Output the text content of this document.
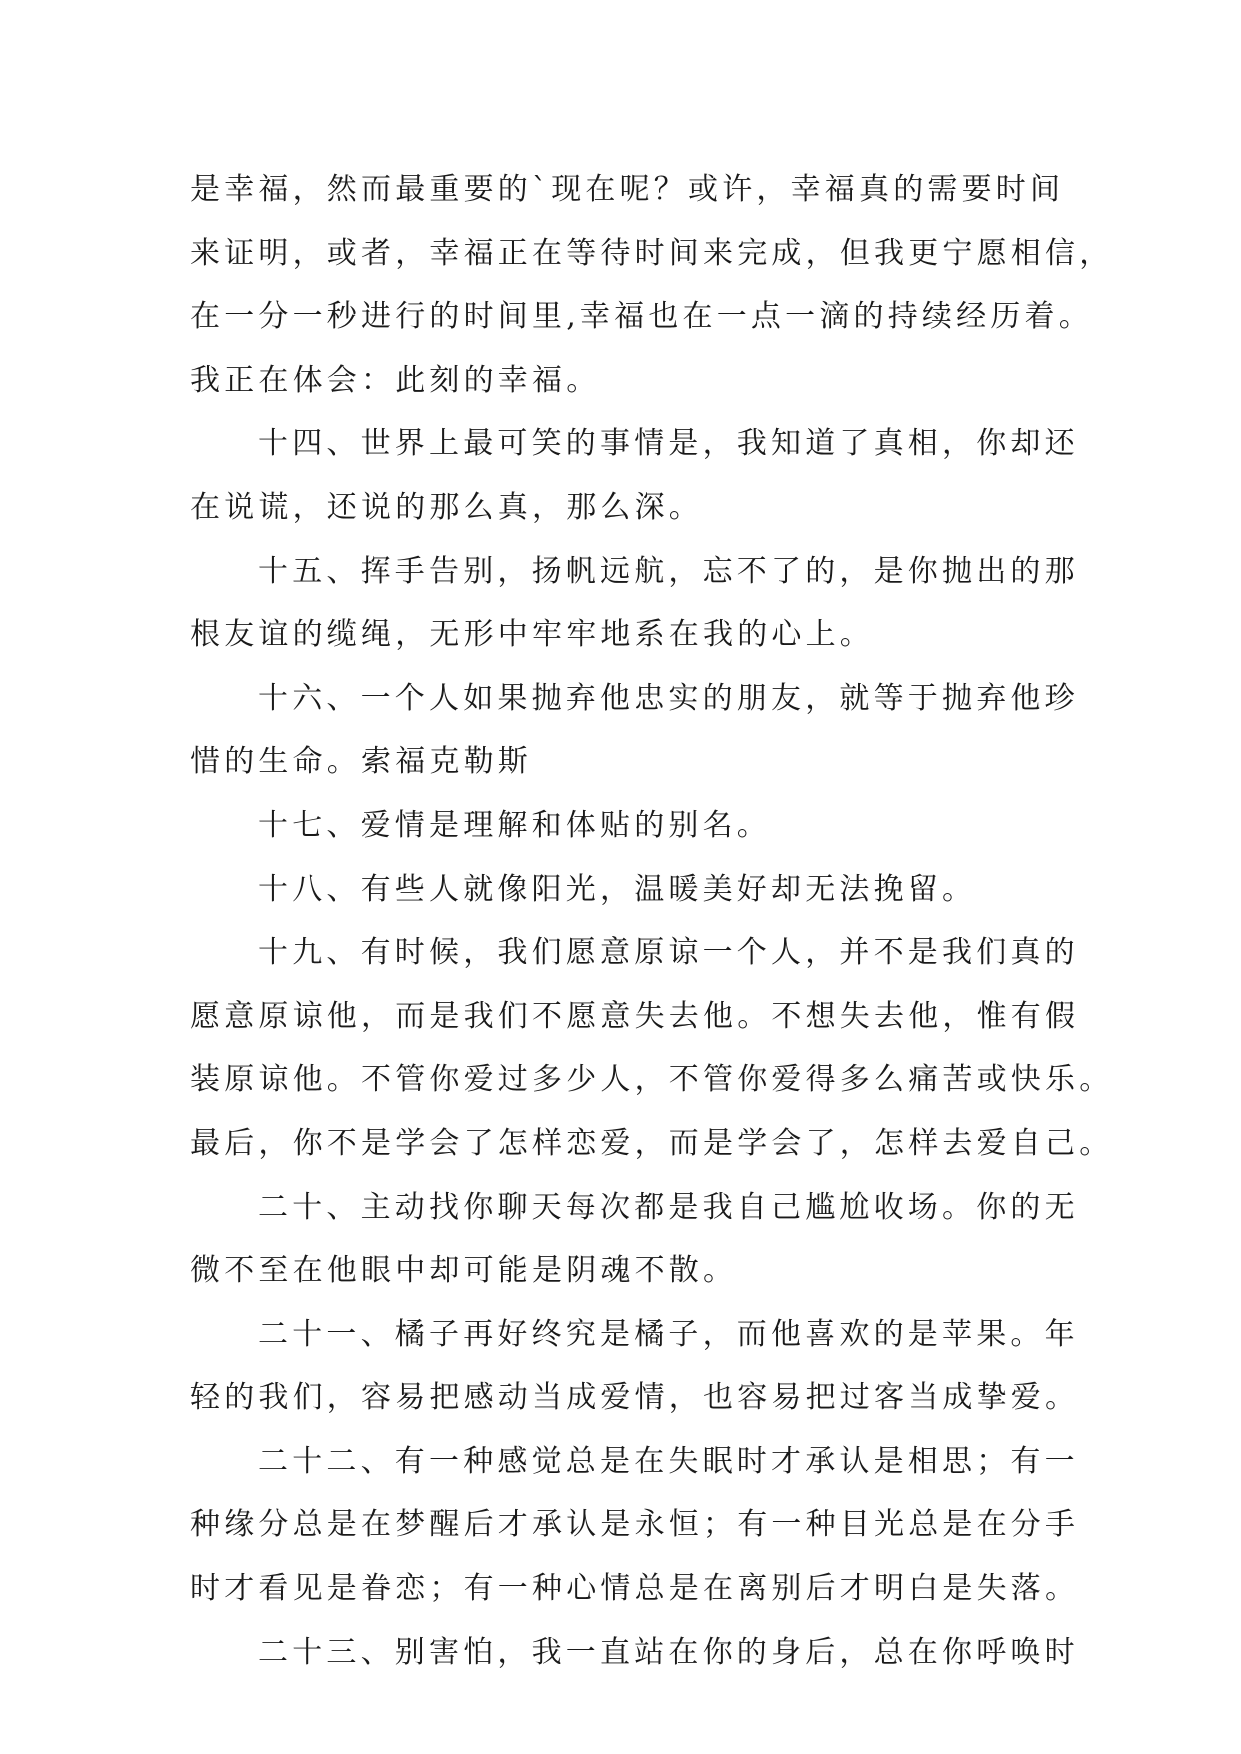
是幸福，然而最重要的`现在呢？或许，幸福真的需要时间
来证明，或者，幸福正在等待时间来完成，但我更宁愿相信，
在一分一秒进行的时间里,幸福也在一点一滴的持续经历着。
我正在体会：此刻的幸福。
十四、世界上最可笑的事情是，我知道了真相，你却还
在说谎，还说的那么真，那么深。
十五、挥手告别，扬帆远航，忘不了的，是你抛出的那
根友谊的缆绳，无形中牢牢地系在我的心上。
十六、一个人如果抛弃他忠实的朋友，就等于抛弃他珍
惜的生命。索福克勒斯
十七、爱情是理解和体贴的别名。
十八、有些人就像阳光，温暖美好却无法挽留。
十九、有时候，我们愿意原谅一个人，并不是我们真的
愿意原谅他，而是我们不愿意失去他。不想失去他，惟有假
装原谅他。不管你爱过多少人，不管你爱得多么痛苦或快乐。
最后，你不是学会了怎样恋爱，而是学会了，怎样去爱自己。
二十、主动找你聊天每次都是我自己尴尬收场。你的无
微不至在他眼中却可能是阴魂不散。
二十一、橘子再好终究是橘子，而他喜欢的是苹果。年
轻的我们，容易把感动当成爱情，也容易把过客当成挚爱。
二十二、有一种感觉总是在失眠时才承认是相思；有一
种缘分总是在梦醒后才承认是永恒；有一种目光总是在分手
时才看见是眷恋；有一种心情总是在离别后才明白是失落。
二十三、别害怕，我一直站在你的身后，总在你呼唤时
